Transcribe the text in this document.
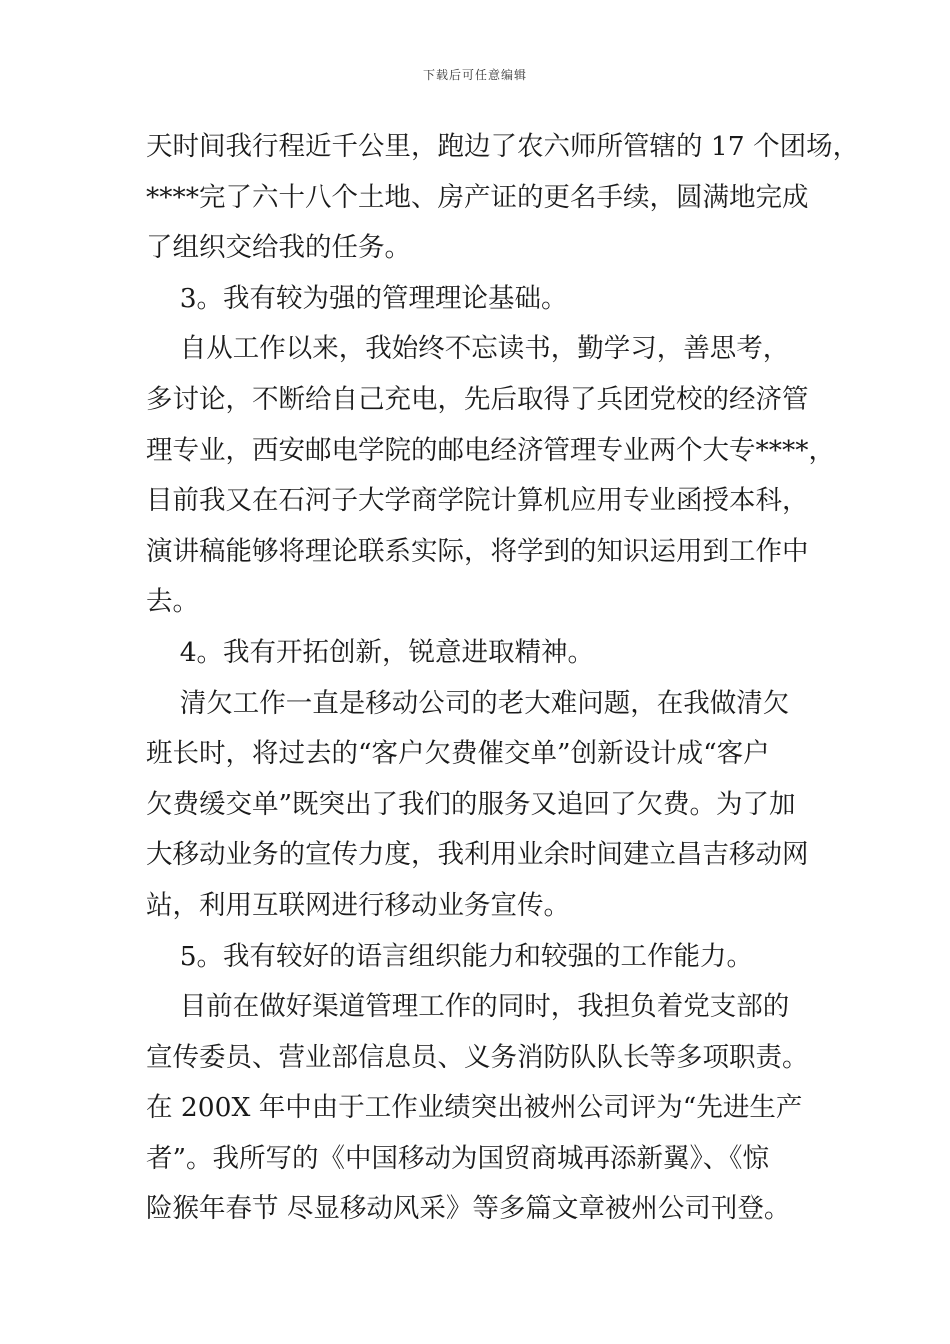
下载后可任意编辑

天时间我行程近千公里，跑边了农六师所管辖的 17 个团场，

****完了六十八个土地、房产证的更名手续，圆满地完成

了组织交给我的任务。

3。我有较为强的管理理论基础。

自从工作以来，我始终不忘读书，勤学习，善思考，

多讨论，不断给自己充电，先后取得了兵团党校的经济管

理专业，西安邮电学院的邮电经济管理专业两个大专****，

目前我又在石河子大学商学院计算机应用专业函授本科，

演讲稿能够将理论联系实际，将学到的知识运用到工作中

去。

4。我有开拓创新，锐意进取精神。

清欠工作一直是移动公司的老大难问题，在我做清欠

班长时，将过去的“客户欠费催交单”创新设计成“客户

欠费缓交单”既突出了我们的服务又追回了欠费。为了加

大移动业务的宣传力度，我利用业余时间建立昌吉移动网

站，利用互联网进行移动业务宣传。

5。我有较好的语言组织能力和较强的工作能力。

目前在做好渠道管理工作的同时，我担负着党支部的

宣传委员、营业部信息员、义务消防队队长等多项职责。

在 200X 年中由于工作业绩突出被州公司评为“先进生产

者”。我所写的《中国移动为国贸商城再添新翼》、《惊

险猴年春节 尽显移动风采》等多篇文章被州公司刊登。
